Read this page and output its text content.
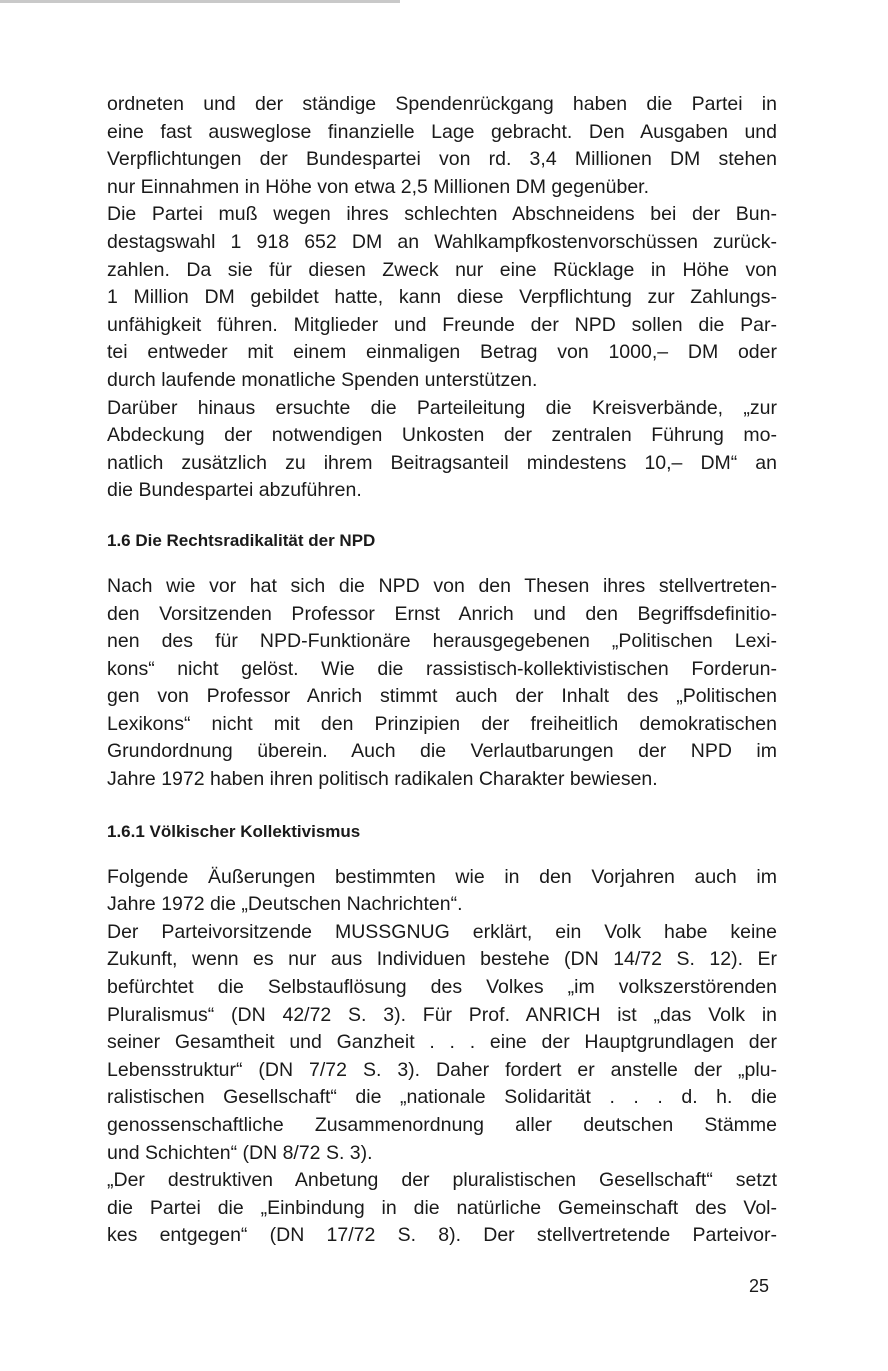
ordneten und der ständige Spendenrückgang haben die Partei in
eine fast ausweglose finanzielle Lage gebracht. Den Ausgaben und
Verpflichtungen der Bundespartei von rd. 3,4 Millionen DM stehen
nur Einnahmen in Höhe von etwa 2,5 Millionen DM gegenüber.
Die Partei muß wegen ihres schlechten Abschneidens bei der Bun-
destagswahl 1 918 652 DM an Wahlkampfkostenvorschüssen zurück-
zahlen. Da sie für diesen Zweck nur eine Rücklage in Höhe von
1 Million DM gebildet hatte, kann diese Verpflichtung zur Zahlungs-
unfähigkeit führen. Mitglieder und Freunde der NPD sollen die Par-
tei entweder mit einem einmaligen Betrag von 1000,– DM oder
durch laufende monatliche Spenden unterstützen.
Darüber hinaus ersuchte die Parteileitung die Kreisverbände, „zur
Abdeckung der notwendigen Unkosten der zentralen Führung mo-
natlich zusätzlich zu ihrem Beitragsanteil mindestens 10,– DM“ an
die Bundespartei abzuführen.
1.6 Die Rechtsradikalität der NPD
Nach wie vor hat sich die NPD von den Thesen ihres stellvertreten-
den Vorsitzenden Professor Ernst Anrich und den Begriffsdefinitio-
nen des für NPD-Funktionäre herausgegebenen „Politischen Lexi-
kons“ nicht gelöst. Wie die rassistisch-kollektivistischen Forderun-
gen von Professor Anrich stimmt auch der Inhalt des „Politischen
Lexikons“ nicht mit den Prinzipien der freiheitlich demokratischen
Grundordnung überein. Auch die Verlautbarungen der NPD im
Jahre 1972 haben ihren politisch radikalen Charakter bewiesen.
1.6.1 Völkischer Kollektivismus
Folgende Äußerungen bestimmten wie in den Vorjahren auch im
Jahre 1972 die „Deutschen Nachrichten“.
Der Parteivorsitzende MUSSGNUG erklärt, ein Volk habe keine
Zukunft, wenn es nur aus Individuen bestehe (DN 14/72 S. 12). Er
befürchtet die Selbstauflösung des Volkes „im volkszerstörenden
Pluralismus“ (DN 42/72 S. 3). Für Prof. ANRICH ist „das Volk in
seiner Gesamtheit und Ganzheit . . . eine der Hauptgrundlagen der
Lebensstruktur“ (DN 7/72 S. 3). Daher fordert er anstelle der „plu-
ralistischen Gesellschaft“ die „nationale Solidarität . . . d. h. die
genossenschaftliche Zusammenordnung aller deutschen Stämme
und Schichten“ (DN 8/72 S. 3).
„Der destruktiven Anbetung der pluralistischen Gesellschaft“ setzt
die Partei die „Einbindung in die natürliche Gemeinschaft des Vol-
kes entgegen“ (DN 17/72 S. 8). Der stellvertretende Parteivor-
25
